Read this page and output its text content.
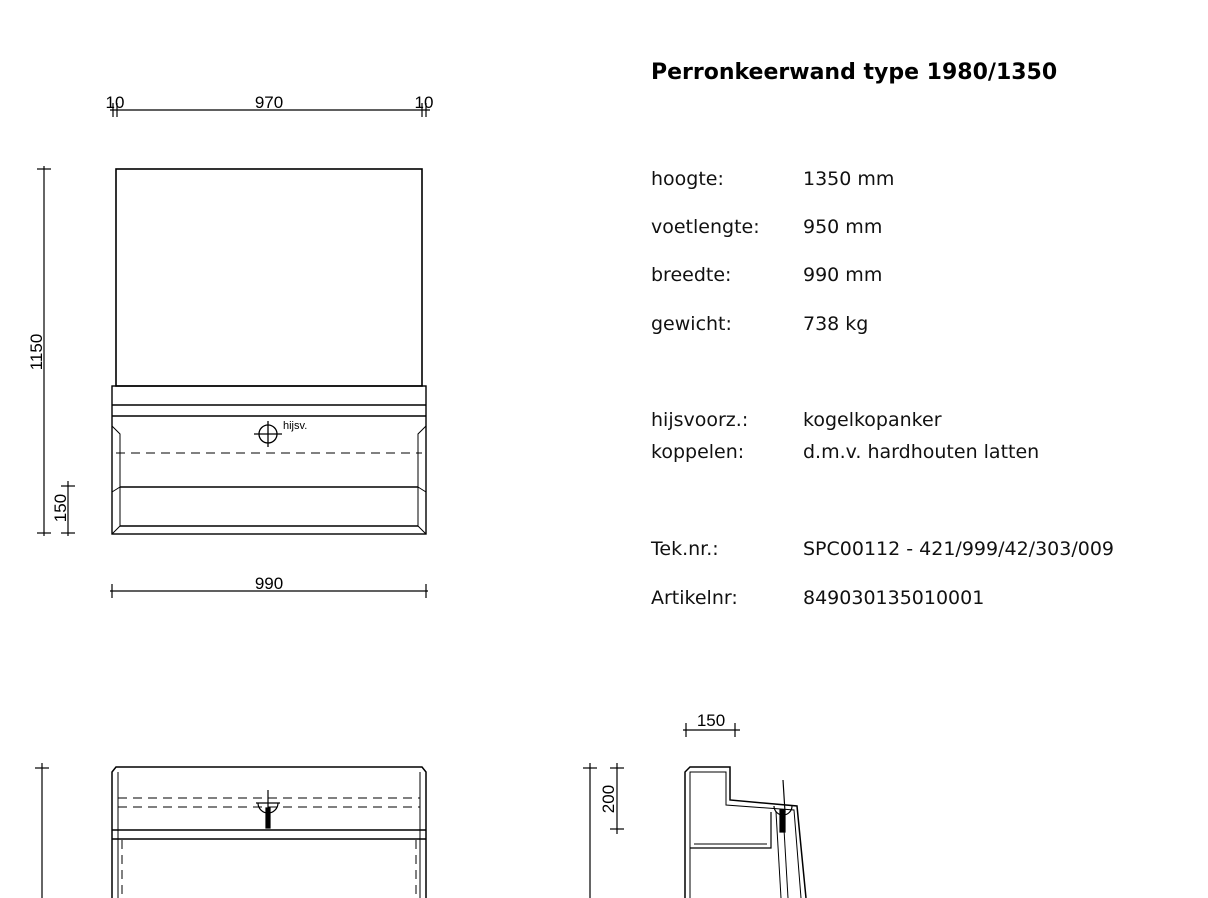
10	970	10
1150
150
990
hijsv.
150
200
Perronkeerwand type 1980/1350
hoogte:	1350 mm
voetlengte: 950 mm
breedte:	990 mm
gewicht:	738 kg
hijsvoorz.:	kogelkopanker
koppelen:	d.m.v. hardhouten latten
Tek.nr.:	SPC00112 - 421/999/42/303/009
Artikelnr:	849030135010001
